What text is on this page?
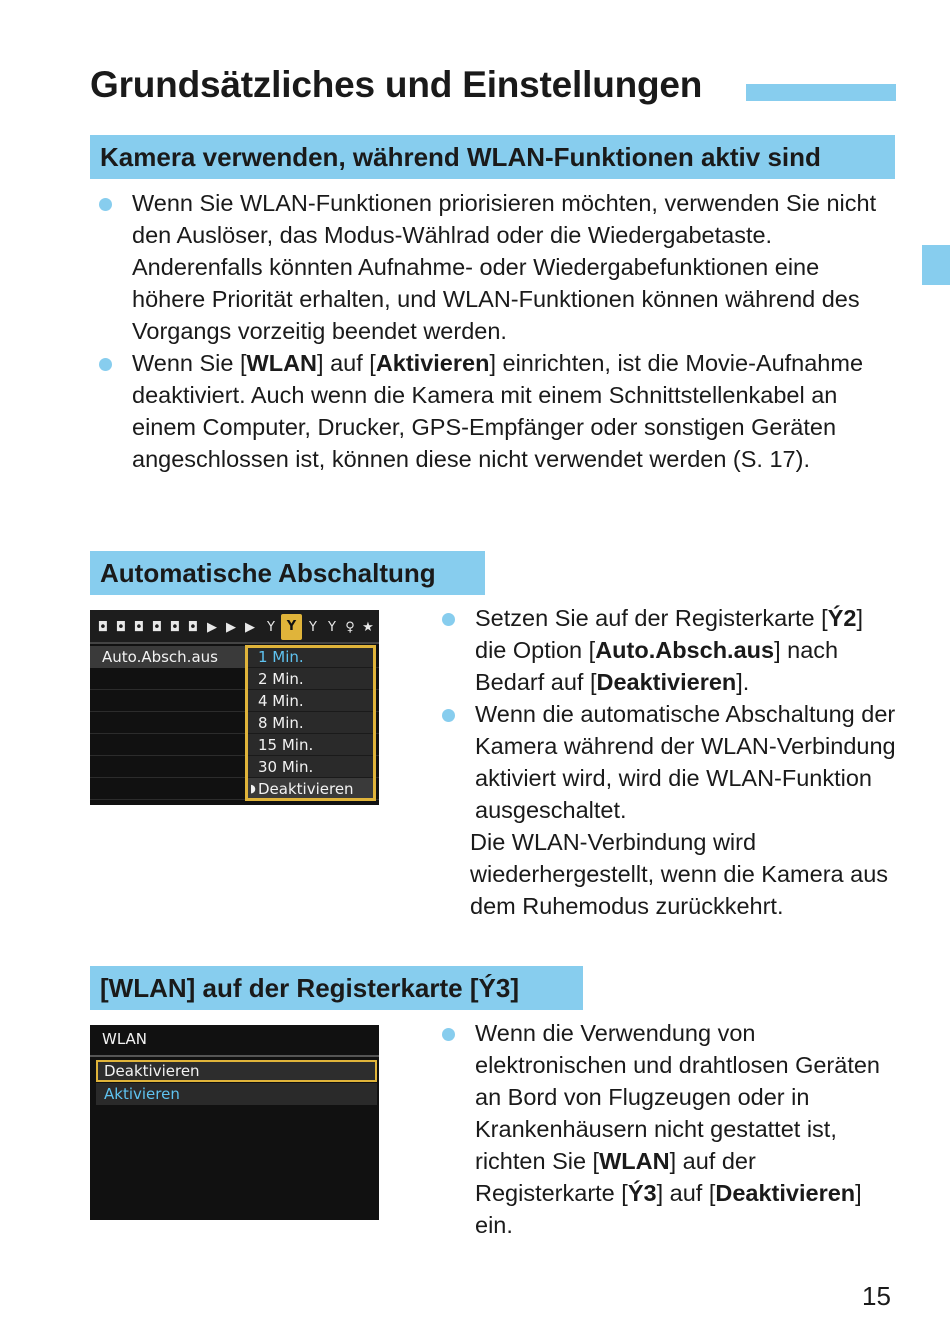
Grundsätzliches und Einstellungen
Kamera verwenden, während WLAN-Funktionen aktiv sind
Wenn Sie WLAN-Funktionen priorisieren möchten, verwenden Sie nicht den Auslöser, das Modus-Wählrad oder die Wiedergabetaste. Anderenfalls könnten Aufnahme- oder Wiedergabefunktionen eine höhere Priorität erhalten, und WLAN-Funktionen können während des Vorgangs vorzeitig beendet werden.
Wenn Sie [WLAN] auf [Aktivieren] einrichten, ist die Movie-Aufnahme deaktiviert. Auch wenn die Kamera mit einem Schnittstellenkabel an einem Computer, Drucker, GPS-Empfänger oder sonstigen Geräten angeschlossen ist, können diese nicht verwendet werden (S. 17).
Automatische Abschaltung
◘ ◘ ◘ ◘ ◘ ◘ ▶ ▶ ▶ Y Y Y Y ♀ ★
Auto.Absch.aus	1 Min.
2 Min.
4 Min.
8 Min.
15 Min.
30 Min.
◗ Deaktivieren
Setzen Sie auf der Registerkarte [Ý2] die Option [Auto.Absch.aus] nach Bedarf auf [Deaktivieren].
Wenn die automatische Abschaltung der Kamera während der WLAN-Verbindung aktiviert wird, wird die WLAN-Funktion ausgeschaltet.
Die WLAN-Verbindung wird wiederhergestellt, wenn die Kamera aus dem Ruhemodus zurückkehrt.
[WLAN] auf der Registerkarte [Ý3]
WLAN
Deaktivieren
Aktivieren
Wenn die Verwendung von elektronischen und drahtlosen Geräten an Bord von Flugzeugen oder in Krankenhäusern nicht gestattet ist, richten Sie [WLAN] auf der Registerkarte [Ý3] auf [Deaktivieren] ein.
15
